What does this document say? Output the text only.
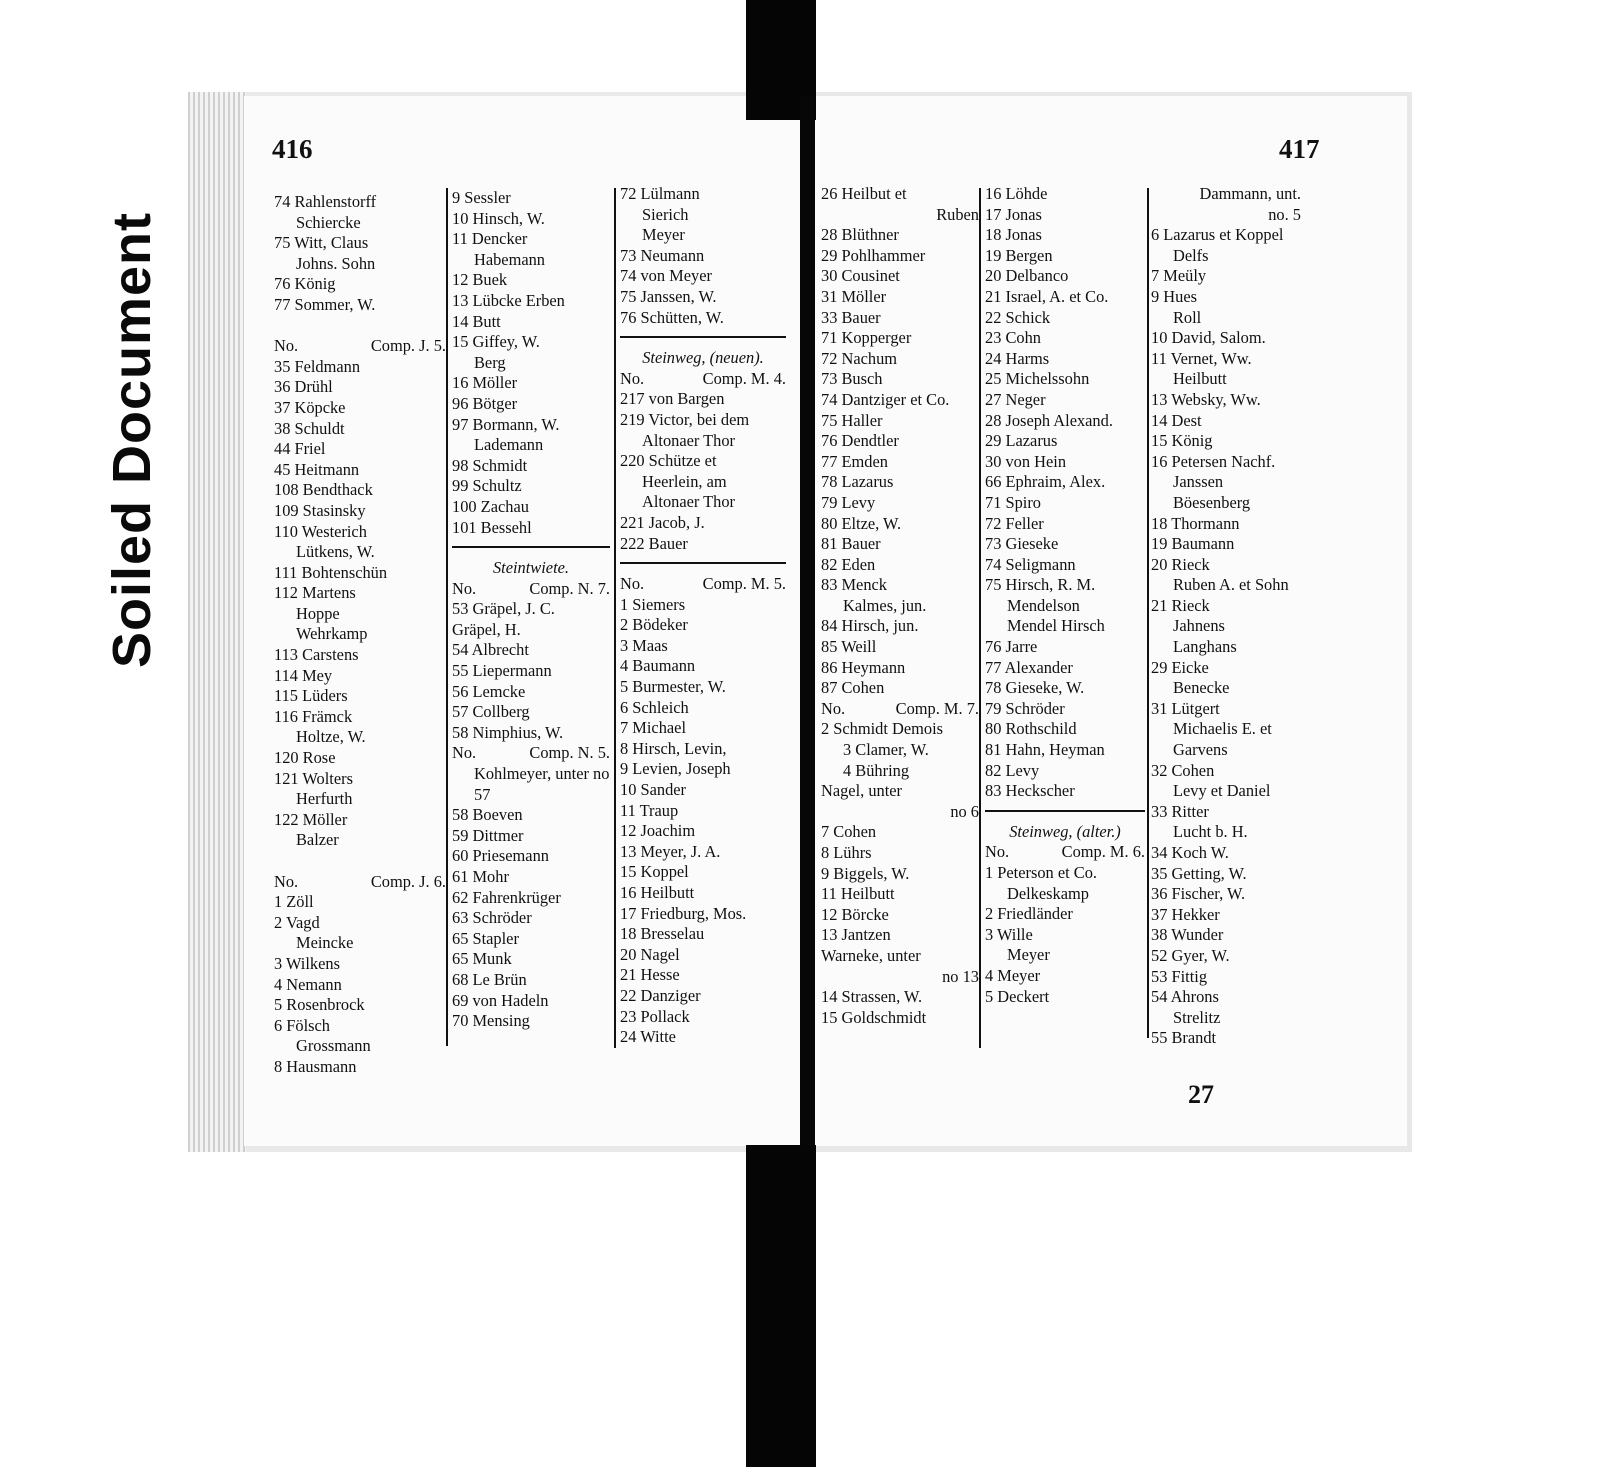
Soiled Document
416
74 Rahlenstorff
Schiercke
75 Witt, Claus
Johns. Sohn
76 König
77 Sommer, W.
No.	Comp. J. 5.
35 Feldmann
36 Drühl
37 Köpcke
38 Schuldt
44 Friel
45 Heitmann
108 Bendthack
109 Stasinsky
110 Westerich
Lütkens, W.
111 Bohtenschün
112 Martens
Hoppe
Wehrkamp
113 Carstens
114 Mey
115 Lüders
116 Främck
Holtze, W.
120 Rose
121 Wolters
Herfurth
122 Möller
Balzer
No.	Comp. J. 6.
1 Zöll
2 Vagd
Meincke
3 Wilkens
4 Nemann
5 Rosenbrock
6 Fölsch
Grossmann
8 Hausmann
9 Sessler
10 Hinsch, W.
11 Dencker
Habemann
12 Buek
13 Lübcke Erben
14 Butt
15 Giffey, W.
Berg
16 Möller
96 Bötger
97 Bormann, W.
Lademann
98 Schmidt
99 Schultz
100 Zachau
101 Bessehl
Steintwiete.
No.	Comp. N. 7.
53 Gräpel, J. C.
Gräpel, H.
54 Albrecht
55 Liepermann
56 Lemcke
57 Collberg
58 Nimphius, W.
No.	Comp. N. 5.
Kohlmeyer, unter no 57
58 Boeven
59 Dittmer
60 Priesemann
61 Mohr
62 Fahrenkrüger
63 Schröder
65 Stapler
65 Munk
68 Le Brün
69 von Hadeln
70 Mensing
72 Lülmann
Sierich
Meyer
73 Neumann
74 von Meyer
75 Janssen, W.
76 Schütten, W.
Steinweg, (neuen).
No.	Comp. M. 4.
217 von Bargen
219 Victor, bei dem
Altonaer Thor
220 Schütze et
Heerlein, am
Altonaer Thor
221 Jacob, J.
222 Bauer
No.	Comp. M. 5.
1 Siemers
2 Bödeker
3 Maas
4 Baumann
5 Burmester, W.
6 Schleich
7 Michael
8 Hirsch, Levin,
9 Levien, Joseph
10 Sander
11 Traup
12 Joachim
13 Meyer, J. A.
15 Koppel
16 Heilbutt
17 Friedburg, Mos.
18 Bresselau
20 Nagel
21 Hesse
22 Danziger
23 Pollack
24 Witte
417
26 Heilbut et
Ruben
28 Blüthner
29 Pohlhammer
30 Cousinet
31 Möller
33 Bauer
71 Kopperger
72 Nachum
73 Busch
74 Dantziger et Co.
75 Haller
76 Dendtler
77 Emden
78 Lazarus
79 Levy
80 Eltze, W.
81 Bauer
82 Eden
83 Menck
Kalmes, jun.
84 Hirsch, jun.
85 Weill
86 Heymann
87 Cohen
No.	Comp. M. 7.
2 Schmidt Demois
3 Clamer, W.
4 Bühring
Nagel, unter
no 6
7 Cohen
8 Lührs
9 Biggels, W.
11 Heilbutt
12 Börcke
13 Jantzen
Warneke, unter
no 13
14 Strassen, W.
15 Goldschmidt
16 Löhde
17 Jonas
18 Jonas
19 Bergen
20 Delbanco
21 Israel, A. et Co.
22 Schick
23 Cohn
24 Harms
25 Michelssohn
27 Neger
28 Joseph Alexand.
29 Lazarus
30 von Hein
66 Ephraim, Alex.
71 Spiro
72 Feller
73 Gieseke
74 Seligmann
75 Hirsch, R. M.
Mendelson
Mendel Hirsch
76 Jarre
77 Alexander
78 Gieseke, W.
79 Schröder
80 Rothschild
81 Hahn, Heyman
82 Levy
83 Heckscher
Steinweg, (alter.)
No.	Comp. M. 6.
1 Peterson et Co.
Delkeskamp
2 Friedländer
3 Wille
Meyer
4 Meyer
5 Deckert
Dammann, unt.
no. 5
6 Lazarus et Koppel
Delfs
7 Meüly
9 Hues
Roll
10 David, Salom.
11 Vernet, Ww.
Heilbutt
13 Websky, Ww.
14 Dest
15 König
16 Petersen Nachf.
Janssen
Böesenberg
18 Thormann
19 Baumann
20 Rieck
Ruben A. et Sohn
21 Rieck
Jahnens
Langhans
29 Eicke
Benecke
31 Lütgert
Michaelis E. et
Garvens
32 Cohen
Levy et Daniel
33 Ritter
Lucht b. H.
34 Koch W.
35 Getting, W.
36 Fischer, W.
37 Hekker
38 Wunder
52 Gyer, W.
53 Fittig
54 Ahrons
Strelitz
55 Brandt
27
